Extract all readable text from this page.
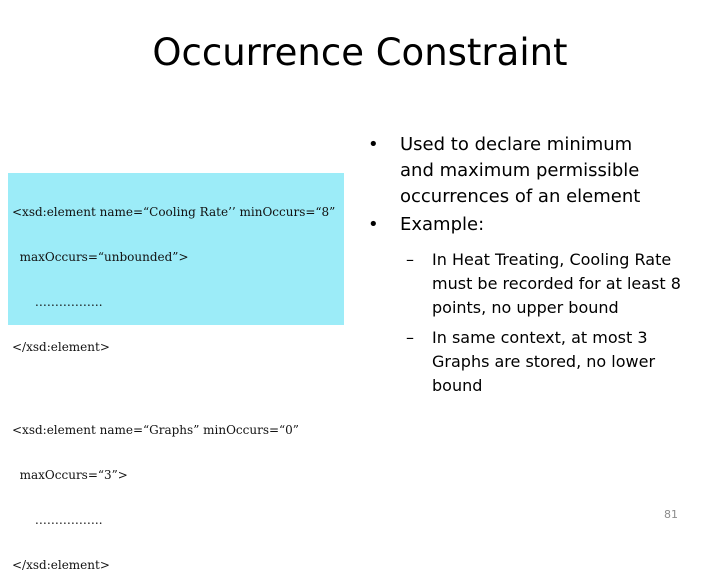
Occurrence Constraint

<xsd:element name=“Cooling Rate’’ minOccurs=“8”

maxOccurs=“unbounded”>

……………..

</xsd:element>

<xsd:element name=“Graphs” minOccurs=“0”

maxOccurs=“3”>

……………..

</xsd:element>

• Used to declare minimum and maximum permissible occurrences of an element
• Example:
– In Heat Treating, Cooling Rate must be recorded for at least 8 points, no upper bound
– In same context, at most 3 Graphs are stored, no lower bound
81
